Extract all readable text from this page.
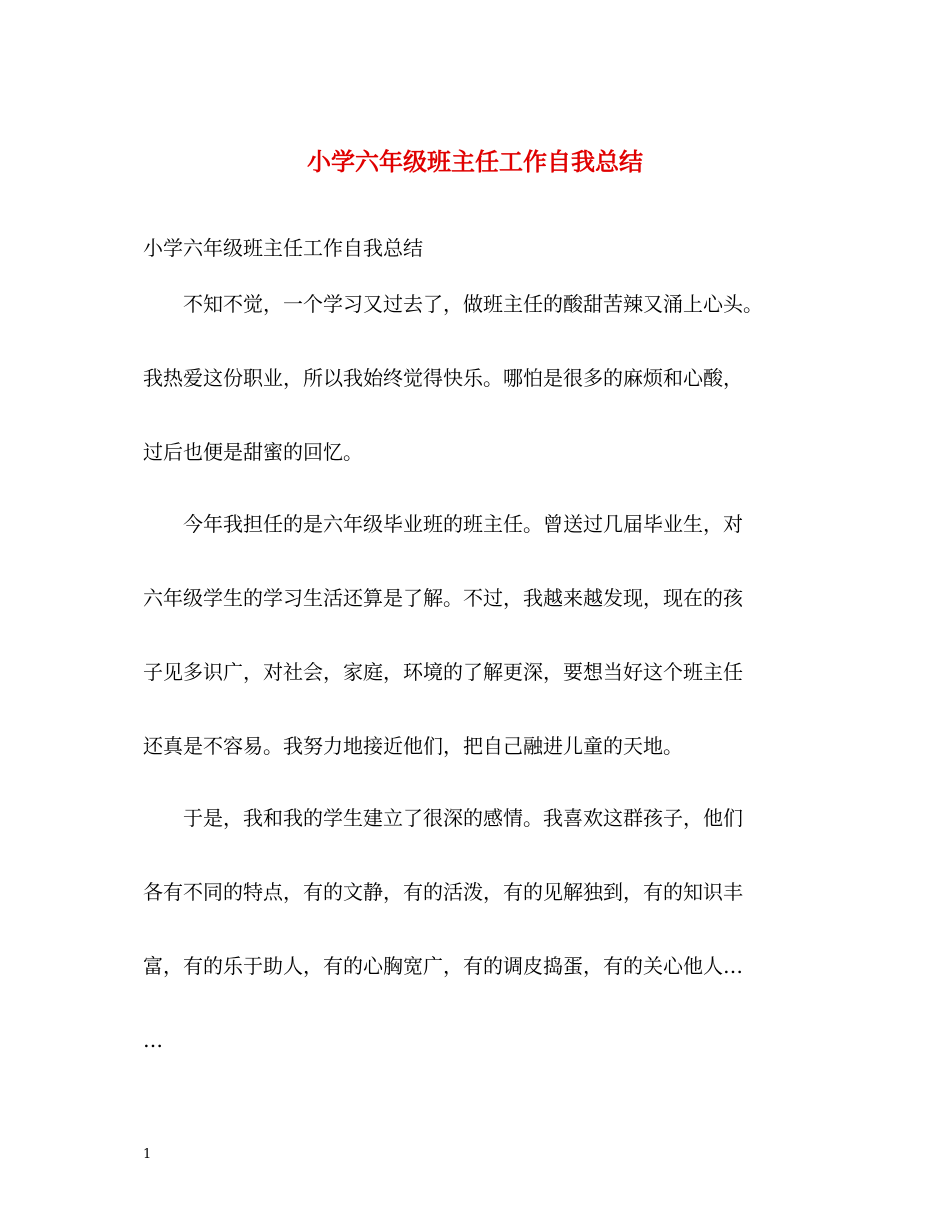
小学六年级班主任工作自我总结
小学六年级班主任工作自我总结
不知不觉，一个学习又过去了，做班主任的酸甜苦辣又涌上心头。
我热爱这份职业，所以我始终觉得快乐。哪怕是很多的麻烦和心酸，
过后也便是甜蜜的回忆。
今年我担任的是六年级毕业班的班主任。曾送过几届毕业生，对
六年级学生的学习生活还算是了解。不过，我越来越发现，现在的孩
子见多识广，对社会，家庭，环境的了解更深，要想当好这个班主任
还真是不容易。我努力地接近他们，把自己融进儿童的天地。
于是，我和我的学生建立了很深的感情。我喜欢这群孩子，他们
各有不同的特点，有的文静，有的活泼，有的见解独到，有的知识丰
富，有的乐于助人，有的心胸宽广，有的调皮捣蛋，有的关心他人…
…
1
